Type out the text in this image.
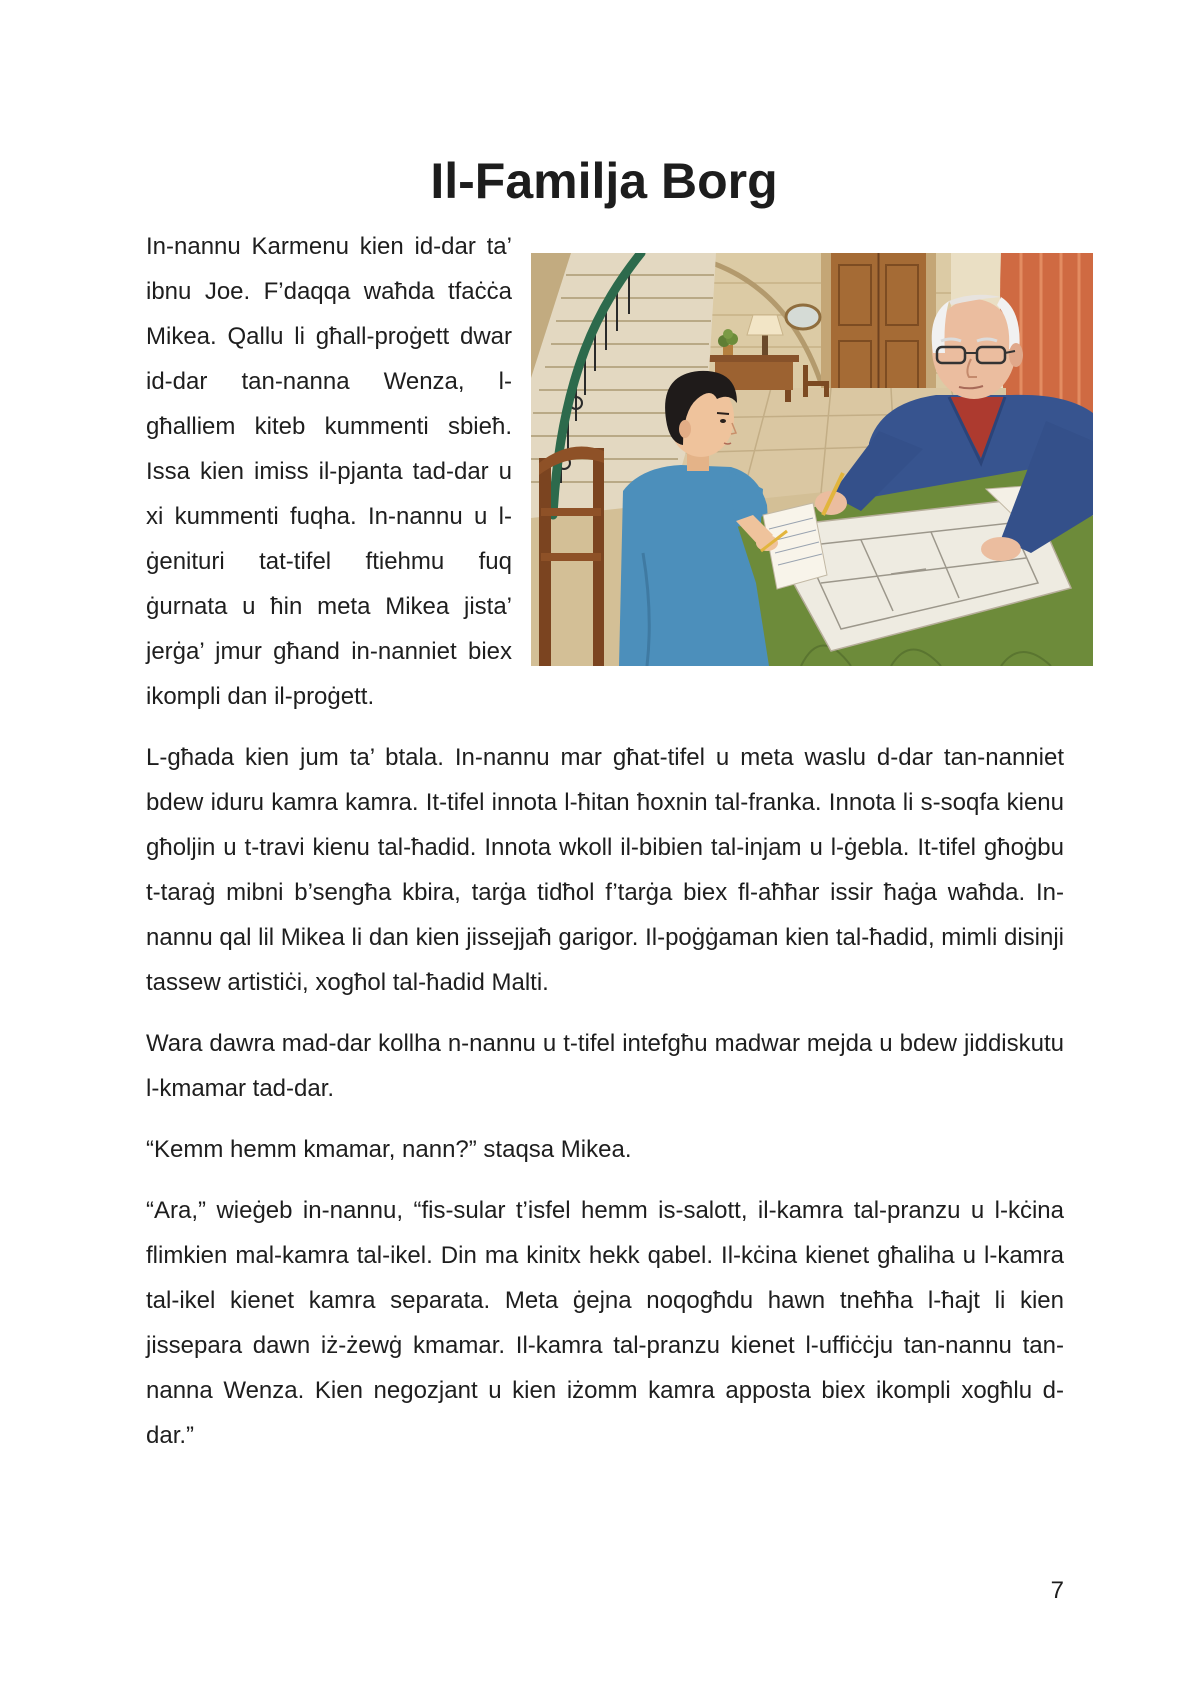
Il-Familja Borg

In-nannu Karmenu kien id-dar ta’ ibnu Joe. F’daqqa waħda tfaċċa Mikea. Qallu li għall-proġett dwar id-dar tan-nanna Wenza, l-għalliem kiteb kummenti sbieħ. Issa kien imiss il-pjanta tad-dar u xi kummenti fuqha. In-nannu u l-ġenituri tat-tifel ftiehmu fuq ġurnata u ħin meta Mikea jista’ jerġa’ jmur għand in-nanniet biex ikompli dan il-proġett.

L-għada kien jum ta’ btala. In-nannu mar għat-tifel u meta waslu d-dar tan-nanniet bdew iduru kamra kamra. It-tifel innota l-ħitan ħoxnin tal-franka. Innota li s-soqfa kienu għoljin u t-travi kienu tal-ħadid. Innota wkoll il-bibien tal-injam u l-ġebla. It-tifel għoġbu t-taraġ mibni b’sengħa kbira, tarġa tidħol f’tarġa biex fl-aħħar issir ħaġa waħda. In-nannu qal lil Mikea li dan kien jissejjaħ garigor. Il-poġġaman kien tal-ħadid, mimli disinji tassew artistiċi, xogħol tal-ħadid Malti.

Wara dawra mad-dar kollha n-nannu u t-tifel intefgħu madwar mejda u bdew jiddiskutu l-kmamar tad-dar.

“Kemm hemm kmamar, nann?” staqsa Mikea.

“Ara,” wieġeb in-nannu, “fis-sular t’isfel hemm is-salott, il-kamra tal-pranzu u l-kċina flimkien mal-kamra tal-ikel. Din ma kinitx hekk qabel. Il-kċina kienet għaliha u l-kamra tal-ikel kienet kamra separata. Meta ġejna noqogħdu hawn tneħħa l-ħajt li kien jissepara dawn iż-żewġ kmamar. Il-kamra tal-pranzu kienet l-uffiċċju tan-nannu tan-nanna Wenza. Kien negozjant u kien iżomm kamra apposta biex ikompli xogħlu d-dar.”

7
